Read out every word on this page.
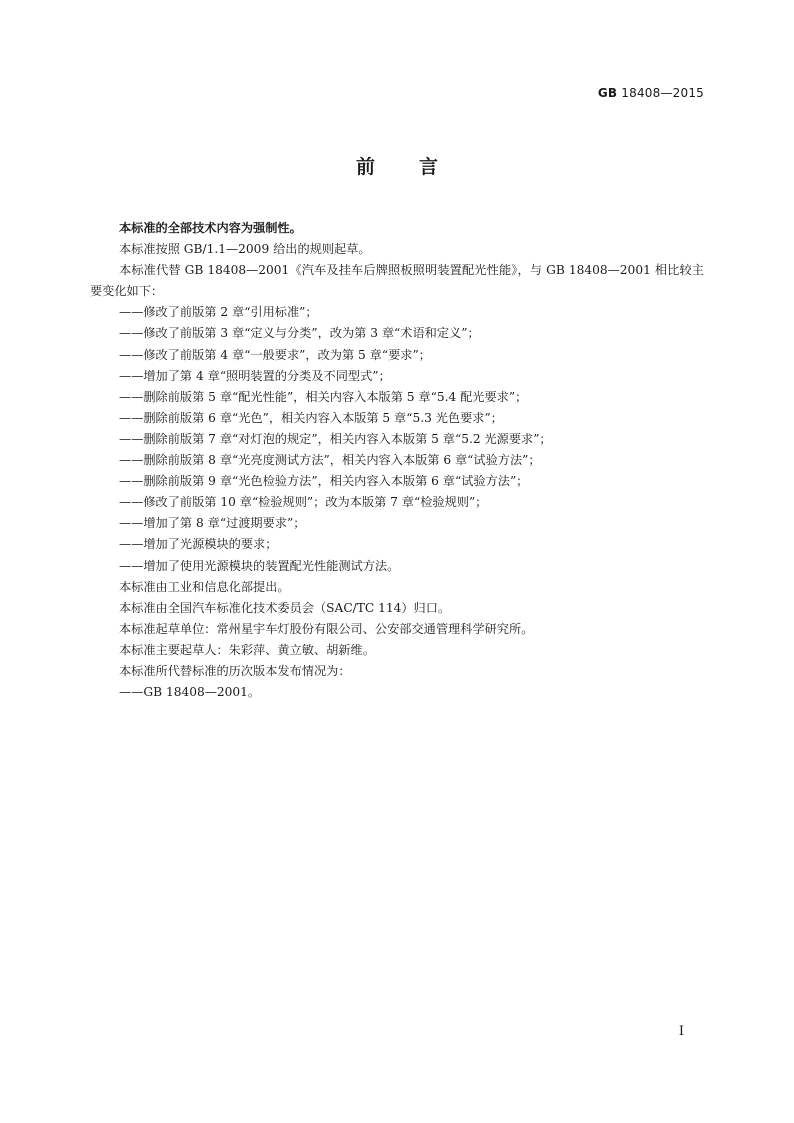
GB 18408—2015
前言

本标准的全部技术内容为强制性。

本标准按照 GB/1.1—2009 给出的规则起草。

本标准代替 GB 18408—2001《汽车及挂车后牌照板照明装置配光性能》，与 GB 18408—2001 相比较主要变化如下：

——修改了前版第 2 章“引用标准”；

——修改了前版第 3 章“定义与分类”，改为第 3 章“术语和定义”；

——修改了前版第 4 章“一般要求”，改为第 5 章“要求”；

——增加了第 4 章“照明装置的分类及不同型式”；

——删除前版第 5 章“配光性能”，相关内容入本版第 5 章“5.4 配光要求”；

——删除前版第 6 章“光色”，相关内容入本版第 5 章“5.3 光色要求”；

——删除前版第 7 章“对灯泡的规定”，相关内容入本版第 5 章“5.2 光源要求”；

——删除前版第 8 章“光亮度测试方法”，相关内容入本版第 6 章“试验方法”；

——删除前版第 9 章“光色检验方法”，相关内容入本版第 6 章“试验方法”；

——修改了前版第 10 章“检验规则”；改为本版第 7 章“检验规则”；

——增加了第 8 章“过渡期要求”；

——增加了光源模块的要求；

——增加了使用光源模块的装置配光性能测试方法。

本标准由工业和信息化部提出。

本标准由全国汽车标准化技术委员会（SAC/TC 114）归口。

本标准起草单位：常州星宇车灯股份有限公司、公安部交通管理科学研究所。

本标准主要起草人：朱彩萍、黄立敏、胡新维。

本标准所代替标准的历次版本发布情况为：

——GB 18408—2001。

I
